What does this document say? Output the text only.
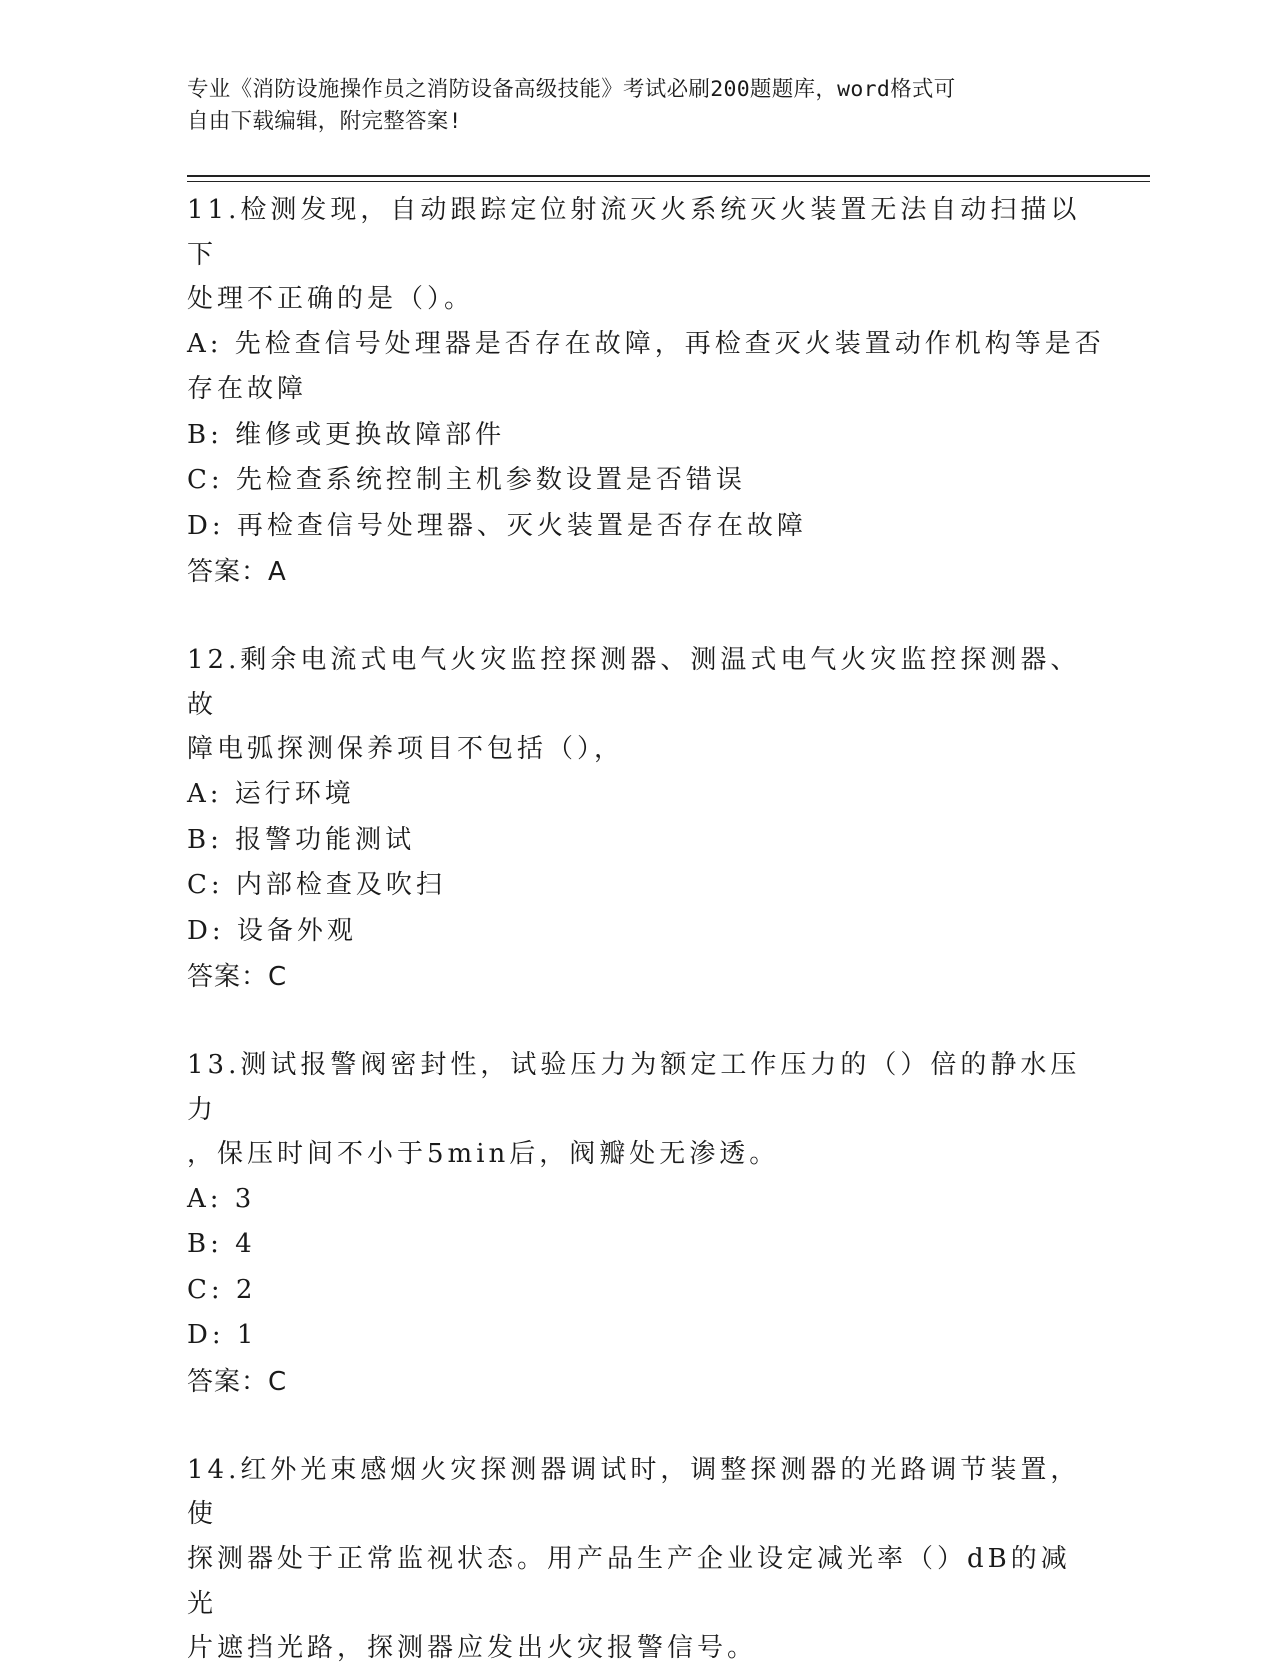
专业《消防设施操作员之消防设备高级技能》考试必刷200题题库，word格式可
自由下载编辑，附完整答案!

11.检测发现，自动跟踪定位射流灭火系统灭火装置无法自动扫描以下

处理不正确的是（）。

A: 先检查信号处理器是否存在故障，再检查灭火装置动作机构等是否

存在故障

B: 维修或更换故障部件

C: 先检查系统控制主机参数设置是否错误

D: 再检查信号处理器、灭火装置是否存在故障

答案：A

12.剩余电流式电气火灾监控探测器、测温式电气火灾监控探测器、故

障电弧探测保养项目不包括（），

A: 运行环境

B: 报警功能测试

C: 内部检查及吹扫

D: 设备外观

答案：C

13.测试报警阀密封性，试验压力为额定工作压力的（）倍的静水压力

，保压时间不小于5min后，阀瓣处无渗透。

A: 3

B: 4

C: 2

D: 1

答案：C

14.红外光束感烟火灾探测器调试时，调整探测器的光路调节装置，使

探测器处于正常监视状态。用产品生产企业设定减光率（）dB的减光

片遮挡光路，探测器应发出火灾报警信号。
